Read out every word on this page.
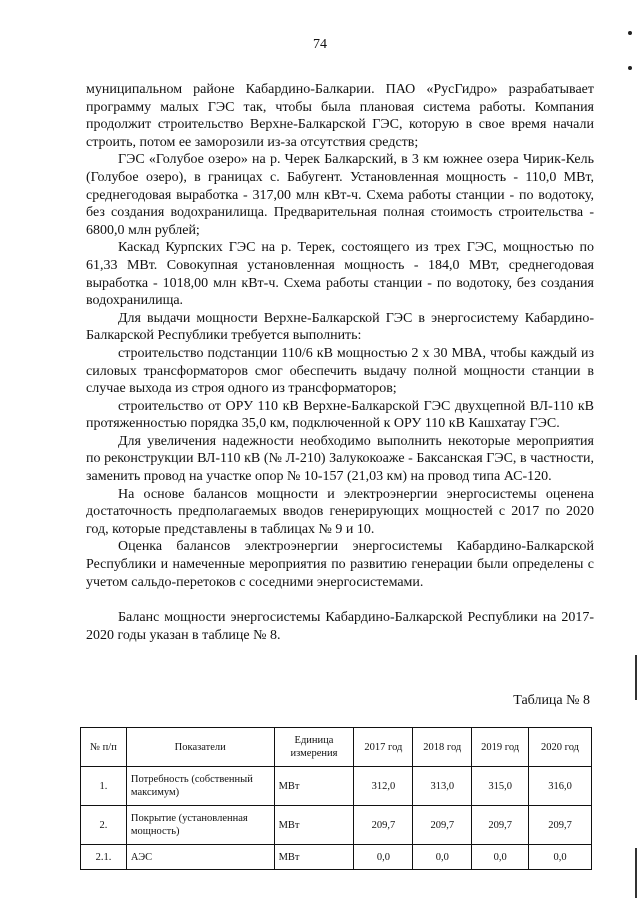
74

муниципальном районе Кабардино-Балкарии. ПАО «РусГидро» разрабатывает программу малых ГЭС так, чтобы была плановая система работы. Компания продолжит строительство Верхне-Балкарской ГЭС, которую в свое время начали строить, потом ее заморозили из-за отсутствия средств;

ГЭС «Голубое озеро» на р. Черек Балкарский, в 3 км южнее озера Чирик-Кель (Голубое озеро), в границах с. Бабугент. Установленная мощность - 110,0 МВт, среднегодовая выработка - 317,00 млн кВт-ч. Схема работы станции - по водотоку, без создания водохранилища. Предварительная полная стоимость строительства - 6800,0 млн рублей;

Каскад Курпских ГЭС на р. Терек, состоящего из трех ГЭС, мощностью по 61,33 МВт. Совокупная установленная мощность - 184,0 МВт, среднегодовая выработка - 1018,00 млн кВт-ч. Схема работы станции - по водотоку, без создания водохранилища.

Для выдачи мощности Верхне-Балкарской ГЭС в энергосистему Кабардино-Балкарской Республики требуется выполнить:

строительство подстанции 110/6 кВ мощностью 2 х 30 МВА, чтобы каждый из силовых трансформаторов смог обеспечить выдачу полной мощности станции в случае выхода из строя одного из трансформаторов;

строительство от ОРУ 110 кВ Верхне-Балкарской ГЭС двухцепной ВЛ-110 кВ протяженностью порядка 35,0 км, подключенной к ОРУ 110 кВ Кашхатау ГЭС.

Для увеличения надежности необходимо выполнить некоторые мероприятия по реконструкции ВЛ-110 кВ (№ Л-210) Залукокоаже - Баксанская ГЭС, в частности, заменить провод на участке опор № 10-157 (21,03 км) на провод типа АС-120.

На основе балансов мощности и электроэнергии энергосистемы оценена достаточность предполагаемых вводов генерирующих мощностей с 2017 по 2020 год, которые представлены в таблицах № 9 и 10.

Оценка балансов электроэнергии энергосистемы Кабардино-Балкарской Республики и намеченные мероприятия по развитию генерации были определены с учетом сальдо-перетоков с соседними энергосистемами.

Баланс мощности энергосистемы Кабардино-Балкарской Республики на 2017-2020 годы указан в таблице № 8.

Таблица № 8
№ п/п	Показатели	Единица измерения	2017 год	2018 год	2019 год	2020 год
1.	Потребность (собственный максимум)	МВт	312,0	313,0	315,0	316,0
2.	Покрытие (установленная мощность)	МВт	209,7	209,7	209,7	209,7
2.1.	АЭС	МВт	0,0	0,0	0,0	0,0
